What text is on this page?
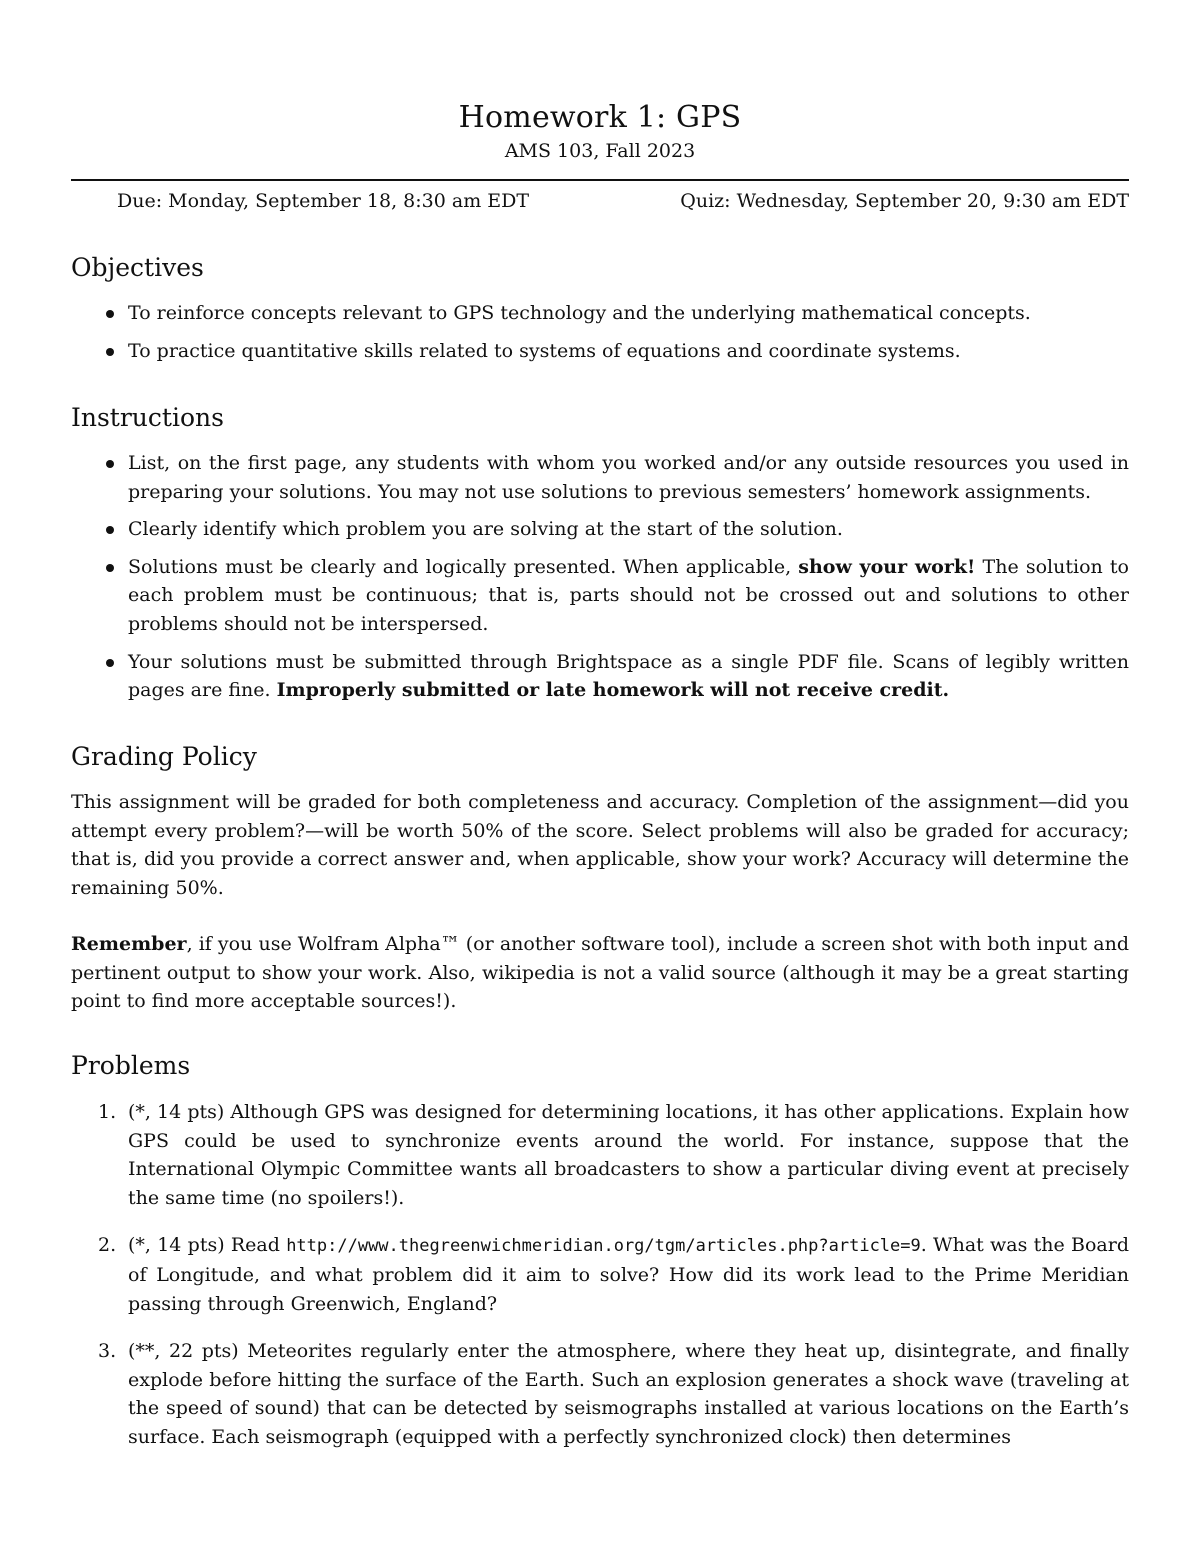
Homework 1: GPS
AMS 103, Fall 2023
Due: Monday, September 18, 8:30 am EDT	Quiz: Wednesday, September 20, 9:30 am EDT
Objectives
To reinforce concepts relevant to GPS technology and the underlying mathematical concepts.
To practice quantitative skills related to systems of equations and coordinate systems.
Instructions
List, on the first page, any students with whom you worked and/or any outside resources you used in preparing your solutions. You may not use solutions to previous semesters’ homework assignments.
Clearly identify which problem you are solving at the start of the solution.
Solutions must be clearly and logically presented. When applicable, show your work! The solution to each problem must be continuous; that is, parts should not be crossed out and solutions to other problems should not be interspersed.
Your solutions must be submitted through Brightspace as a single PDF file. Scans of legibly written pages are fine. Improperly submitted or late homework will not receive credit.
Grading Policy

This assignment will be graded for both completeness and accuracy. Completion of the assignment—did you attempt every problem?—will be worth 50% of the score. Select problems will also be graded for accuracy; that is, did you provide a correct answer and, when applicable, show your work? Accuracy will determine the remaining 50%.

Remember, if you use Wolfram Alpha™ (or another software tool), include a screen shot with both input and pertinent output to show your work. Also, wikipedia is not a valid source (although it may be a great starting point to find more acceptable sources!).

Problems
1. (*, 14 pts) Although GPS was designed for determining locations, it has other applications. Explain how GPS could be used to synchronize events around the world. For instance, suppose that the International Olympic Committee wants all broadcasters to show a particular diving event at precisely the same time (no spoilers!).
2. (*, 14 pts) Read http://www.thegreenwichmeridian.org/tgm/articles.php?article=9. What was the Board of Longitude, and what problem did it aim to solve? How did its work lead to the Prime Meridian passing through Greenwich, England?
3. (**, 22 pts) Meteorites regularly enter the atmosphere, where they heat up, disintegrate, and finally explode before hitting the surface of the Earth. Such an explosion generates a shock wave (traveling at the speed of sound) that can be detected by seismographs installed at various locations on the Earth’s surface. Each seismograph (equipped with a perfectly synchronized clock) then determines
